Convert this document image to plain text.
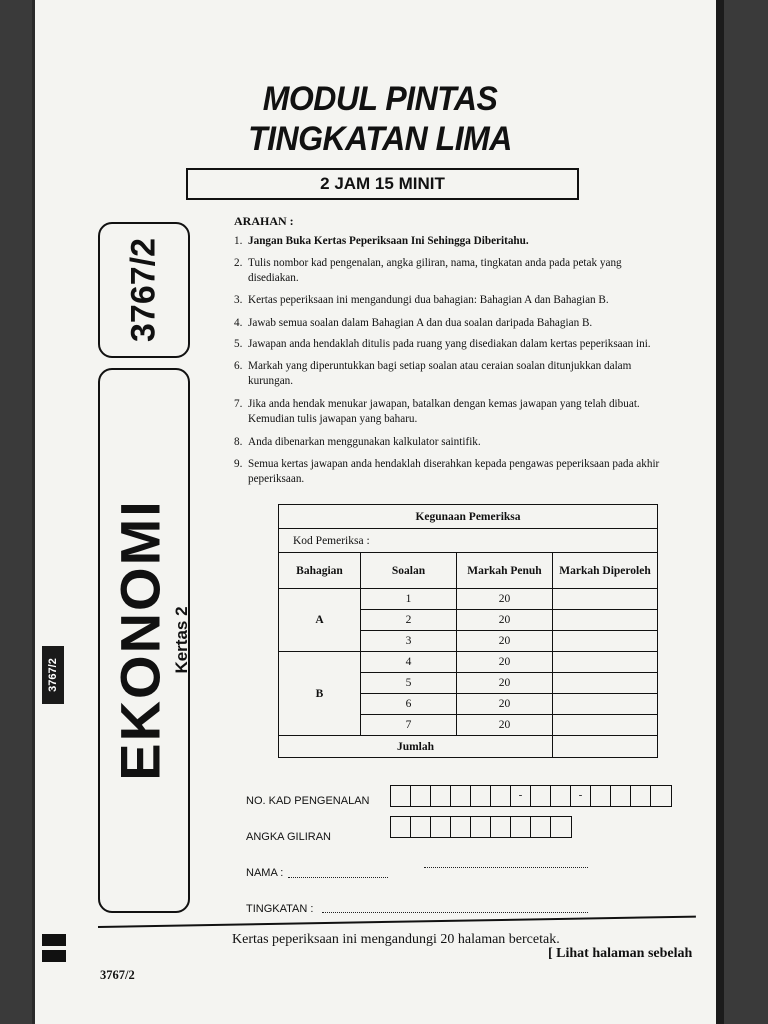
MODUL PINTAS
TINGKATAN LIMA
2 JAM 15 MINIT
3767/2
EKONOMI Kertas 2
3767/2
ARAHAN :
1. Jangan Buka Kertas Peperiksaan Ini Sehingga Diberitahu.
2. Tulis nombor kad pengenalan, angka giliran, nama, tingkatan anda pada petak yang disediakan.
3. Kertas peperiksaan ini mengandungi dua bahagian: Bahagian A dan Bahagian B.
4. Jawab semua soalan dalam Bahagian A dan dua soalan daripada Bahagian B.
5. Jawapan anda hendaklah ditulis pada ruang yang disediakan dalam kertas peperiksaan ini.
6. Markah yang diperuntukkan bagi setiap soalan atau ceraian soalan ditunjukkan dalam kurungan.
7. Jika anda hendak menukar jawapan, batalkan dengan kemas jawapan yang telah dibuat. Kemudian tulis jawapan yang baharu.
8. Anda dibenarkan menggunakan kalkulator saintifik.
9. Semua kertas jawapan anda hendaklah diserahkan kepada pengawas peperiksaan pada akhir peperiksaan.
Kegunaan Pemeriksa			
Kod Pemeriksa :			
Bahagian	Soalan	Markah Penuh	Markah Diperoleh
A	1	20	
	2	20	
	3	20	
B	4	20	
	5	20	
	6	20	
	7	20	
Jumlah			
NO. KAD PENGENALAN	-	-
ANGKA GILIRAN
NAMA :
TINGKATAN :
Kertas peperiksaan ini mengandungi 20 halaman bercetak.
[ Lihat halaman sebelah
3767/2
